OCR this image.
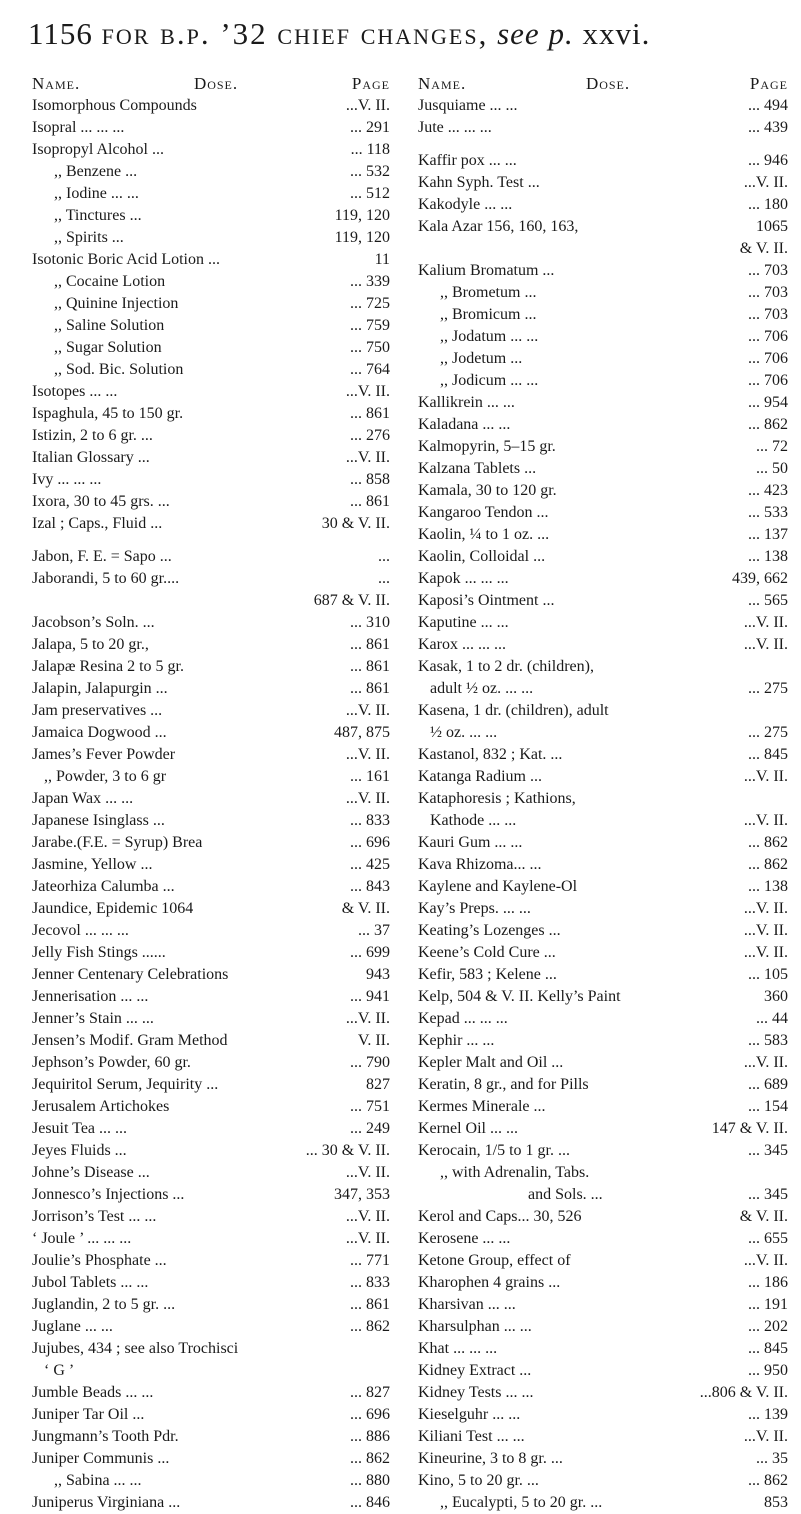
1156 for b.p. ’32 chief changes, see p. xxvi.
Name.	Dose.	Page
Isomorphous Compounds	...V. II.
Isopral ... ... ...	... 291
Isopropyl Alcohol ...	... 118
,, Benzene ...	... 532
,, Iodine ... ...	... 512
,, Tinctures ...	119, 120
,, Spirits ...	119, 120
Isotonic Boric Acid Lotion ...	11
,, Cocaine Lotion	... 339
,, Quinine Injection	... 725
,, Saline Solution	... 759
,, Sugar Solution	... 750
,, Sod. Bic. Solution	... 764
Isotopes ... ...	...V. II.
Ispaghula, 45 to 150 gr.	... 861
Istizin, 2 to 6 gr. ...	... 276
Italian Glossary ...	...V. II.
Ivy ... ... ...	... 858
Ixora, 30 to 45 grs. ...	... 861
Izal ; Caps., Fluid ...	30 & V. II.
Jabon, F. E. = Sapo ...	...
Jaborandi, 5 to 60 gr....	...
687 & V. II.
Jacobson’s Soln. ...	... 310
Jalapa, 5 to 20 gr.,	... 861
Jalapæ Resina 2 to 5 gr.	... 861
Jalapin, Jalapurgin ...	... 861
Jam preservatives ...	...V. II.
Jamaica Dogwood ...	487, 875
James’s Fever Powder	...V. II.
,, Powder, 3 to 6 gr	... 161
Japan Wax ... ...	...V. II.
Japanese Isinglass ...	... 833
Jarabe.(F.E. = Syrup) Brea	... 696
Jasmine, Yellow ...	... 425
Jateorhiza Calumba ...	... 843
Jaundice, Epidemic 1064	& V. II.
Jecovol ... ... ...	... 37
Jelly Fish Stings ......	... 699
Jenner Centenary Celebrations	943
Jennerisation ... ...	... 941
Jenner’s Stain ... ...	...V. II.
Jensen’s Modif. Gram Method	V. II.
Jephson’s Powder, 60 gr.	... 790
Jequiritol Serum, Jequirity ...	827
Jerusalem Artichokes	... 751
Jesuit Tea ... ...	... 249
Jeyes Fluids ...	... 30 & V. II.
Johne’s Disease ...	...V. II.
Jonnesco’s Injections ...	347, 353
Jorrison’s Test ... ...	...V. II.
‘ Joule ’ ... ... ...	...V. II.
Joulie’s Phosphate ...	... 771
Jubol Tablets ... ...	... 833
Juglandin, 2 to 5 gr. ...	... 861
Juglane ... ...	... 862
Jujubes, 434 ; see also Trochisci
‘ G ’
Jumble Beads ... ...	... 827
Juniper Tar Oil ...	... 696
Jungmann’s Tooth Pdr.	... 886
Juniper Communis ...	... 862
,, Sabina ... ...	... 880
Juniperus Virginiana ...	... 846
Name.	Dose.	Page
Jusquiame ... ...	... 494
Jute ... ... ...	... 439
Kaffir pox ... ...	... 946
Kahn Syph. Test ...	...V. II.
Kakodyle ... ...	... 180
Kala Azar 156, 160, 163,	1065
& V. II.
Kalium Bromatum ...	... 703
,, Brometum ...	... 703
,, Bromicum ...	... 703
,, Jodatum ... ...	... 706
,, Jodetum ...	... 706
,, Jodicum ... ...	... 706
Kallikrein ... ...	... 954
Kaladana ... ...	... 862
Kalmopyrin, 5–15 gr.	... 72
Kalzana Tablets ...	... 50
Kamala, 30 to 120 gr.	... 423
Kangaroo Tendon ...	... 533
Kaolin, ¼ to 1 oz. ...	... 137
Kaolin, Colloidal ...	... 138
Kapok ... ... ...	439, 662
Kaposi’s Ointment ...	... 565
Kaputine ... ...	...V. II.
Karox ... ... ...	...V. II.
Kasak, 1 to 2 dr. (children),
adult ½ oz. ... ...	... 275
Kasena, 1 dr. (children), adult
½ oz. ... ...	... 275
Kastanol, 832 ; Kat. ...	... 845
Katanga Radium ...	...V. II.
Kataphoresis ; Kathions,
Kathode ... ...	...V. II.
Kauri Gum ... ...	... 862
Kava Rhizoma... ...	... 862
Kaylene and Kaylene-Ol	... 138
Kay’s Preps. ... ...	...V. II.
Keating’s Lozenges ...	...V. II.
Keene’s Cold Cure ...	...V. II.
Kefir, 583 ; Kelene ...	... 105
Kelp, 504 & V. II. Kelly’s Paint	360
Kepad ... ... ...	... 44
Kephir ... ...	... 583
Kepler Malt and Oil ...	...V. II.
Keratin, 8 gr., and for Pills	... 689
Kermes Minerale ...	... 154
Kernel Oil ... ...	147 & V. II.
Kerocain, 1/5 to 1 gr. ...	... 345
,, with Adrenalin, Tabs.
and Sols. ...	... 345
Kerol and Caps... 30, 526	& V. II.
Kerosene ... ...	... 655
Ketone Group, effect of	...V. II.
Kharophen 4 grains ...	... 186
Kharsivan ... ...	... 191
Kharsulphan ... ...	... 202
Khat ... ... ...	... 845
Kidney Extract ...	... 950
Kidney Tests ... ...	...806 & V. II.
Kieselguhr ... ...	... 139
Kiliani Test ... ...	...V. II.
Kineurine, 3 to 8 gr. ...	... 35
Kino, 5 to 20 gr. ...	... 862
,, Eucalypti, 5 to 20 gr. ...	853
